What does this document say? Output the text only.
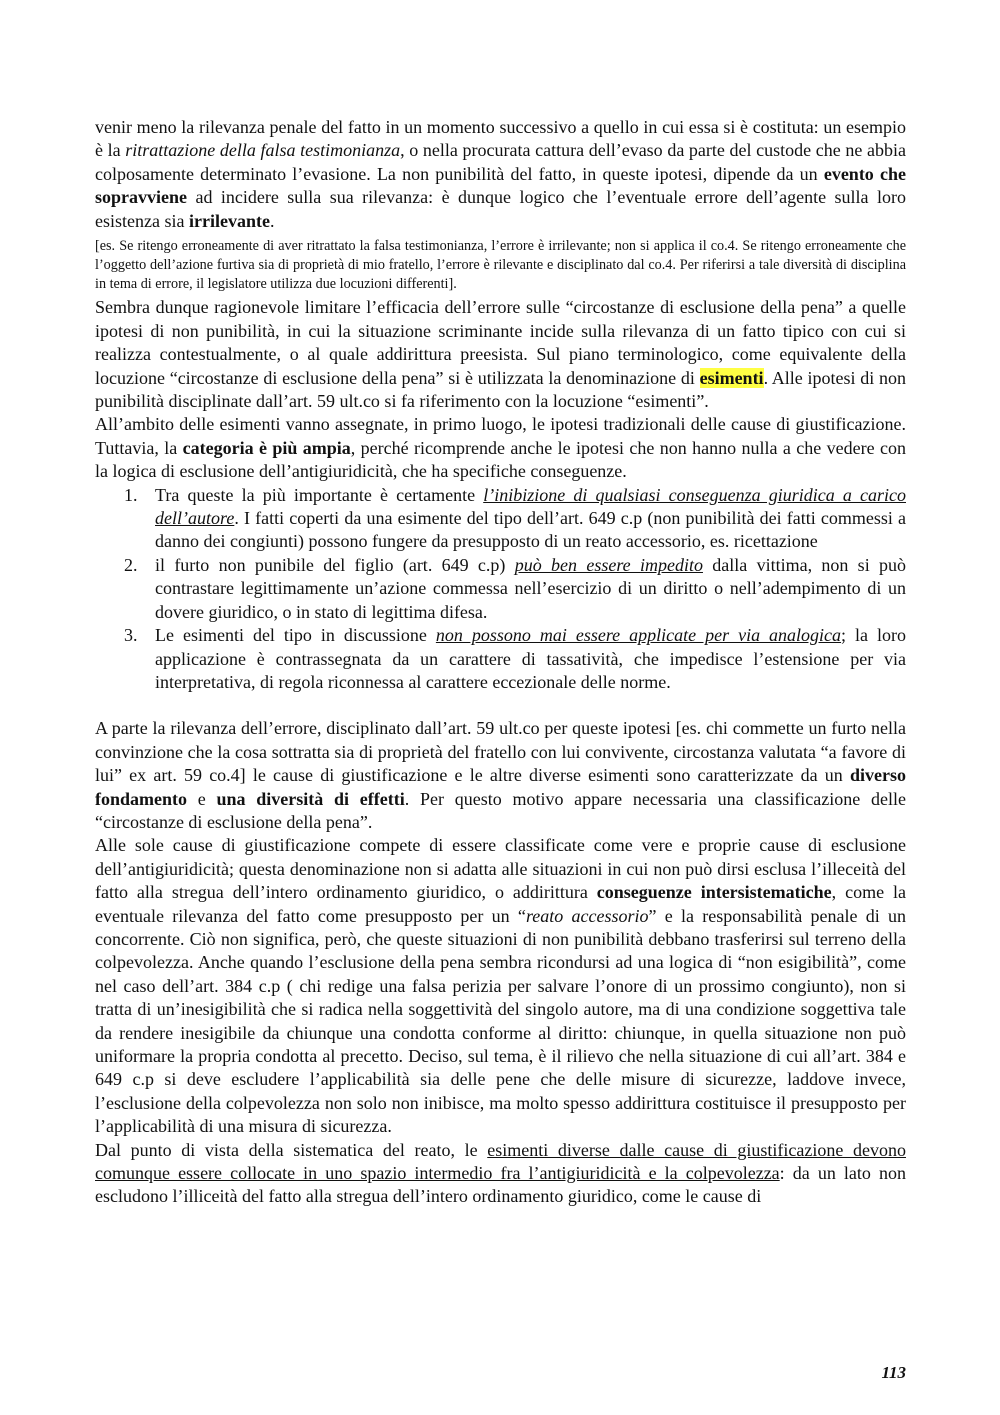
venir meno la rilevanza penale del fatto in un momento successivo a quello in cui essa si è costituta: un esempio è la ritrattazione della falsa testimonianza, o nella procurata cattura dell’evaso da parte del custode che ne abbia colposamente determinato l’evasione. La non punibilità del fatto, in queste ipotesi, dipende da un evento che sopravviene ad incidere sulla sua rilevanza: è dunque logico che l’eventuale errore dell’agente sulla loro esistenza sia irrilevante.

[es. Se ritengo erroneamente di aver ritrattato la falsa testimonianza, l’errore è irrilevante; non si applica il co.4. Se ritengo erroneamente che l’oggetto dell’azione furtiva sia di proprietà di mio fratello, l’errore è rilevante e disciplinato dal co.4. Per riferirsi a tale diversità di disciplina in tema di errore, il legislatore utilizza due locuzioni differenti].

Sembra dunque ragionevole limitare l’efficacia dell’errore sulle “circostanze di esclusione della pena” a quelle ipotesi di non punibilità, in cui la situazione scriminante incide sulla rilevanza di un fatto tipico con cui si realizza contestualmente, o al quale addirittura preesista. Sul piano terminologico, come equivalente della locuzione “circostanze di esclusione della pena” si è utilizzata la denominazione di esimenti. Alle ipotesi di non punibilità disciplinate dall’art. 59 ult.co si fa riferimento con la locuzione “esimenti”.

All’ambito delle esimenti vanno assegnate, in primo luogo, le ipotesi tradizionali delle cause di giustificazione. Tuttavia, la categoria è più ampia, perché ricomprende anche le ipotesi che non hanno nulla a che vedere con la logica di esclusione dell’antigiuridicità, che ha specifiche conseguenze.

1. Tra queste la più importante è certamente l’inibizione di qualsiasi conseguenza giuridica a carico dell’autore. I fatti coperti da una esimente del tipo dell’art. 649 c.p (non punibilità dei fatti commessi a danno dei congiunti) possono fungere da presupposto di un reato accessorio, es. ricettazione
2. il furto non punibile del figlio (art. 649 c.p) può ben essere impedito dalla vittima, non si può contrastare legittimamente un’azione commessa nell’esercizio di un diritto o nell’adempimento di un dovere giuridico, o in stato di legittima difesa.
3. Le esimenti del tipo in discussione non possono mai essere applicate per via analogica; la loro applicazione è contrassegnata da un carattere di tassatività, che impedisce l’estensione per via interpretativa, di regola riconnessa al carattere eccezionale delle norme.

A parte la rilevanza dell’errore, disciplinato dall’art. 59 ult.co per queste ipotesi [es. chi commette un furto nella convinzione che la cosa sottratta sia di proprietà del fratello con lui convivente, circostanza valutata “a favore di lui” ex art. 59 co.4] le cause di giustificazione e le altre diverse esimenti sono caratterizzate da un diverso fondamento e una diversità di effetti. Per questo motivo appare necessaria una classificazione delle “circostanze di esclusione della pena”.

Alle sole cause di giustificazione compete di essere classificate come vere e proprie cause di esclusione dell’antigiuridicità; questa denominazione non si adatta alle situazioni in cui non può dirsi esclusa l’illeceità del fatto alla stregua dell’intero ordinamento giuridico, o addirittura conseguenze intersistematiche, come la eventuale rilevanza del fatto come presupposto per un “reato accessorio” e la responsabilità penale di un concorrente. Ciò non significa, però, che queste situazioni di non punibilità debbano trasferirsi sul terreno della colpevolezza. Anche quando l’esclusione della pena sembra ricondursi ad una logica di “non esigibilità”, come nel caso dell’art. 384 c.p ( chi redige una falsa perizia per salvare l’onore di un prossimo congiunto), non si tratta di un’inesigibilità che si radica nella soggettività del singolo autore, ma di una condizione soggettiva tale da rendere inesigibile da chiunque una condotta conforme al diritto: chiunque, in quella situazione non può uniformare la propria condotta al precetto. Deciso, sul tema, è il rilievo che nella situazione di cui all’art. 384 e 649 c.p si deve escludere l’applicabilità sia delle pene che delle misure di sicurezze, laddove invece, l’esclusione della colpevolezza non solo non inibisce, ma molto spesso addirittura costituisce il presupposto per l’applicabilità di una misura di sicurezza.

Dal punto di vista della sistematica del reato, le esimenti diverse dalle cause di giustificazione devono comunque essere collocate in uno spazio intermedio fra l’antigiuridicità e la colpevolezza: da un lato non escludono l’illiceità del fatto alla stregua dell’intero ordinamento giuridico, come le cause di

113
